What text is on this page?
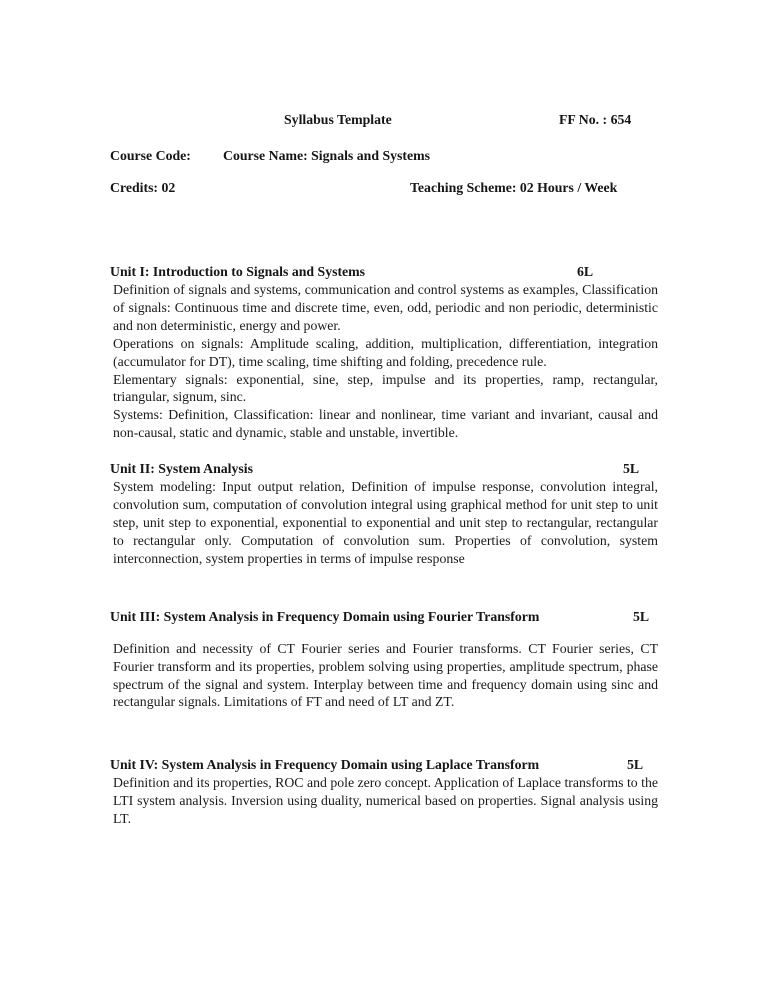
Syllabus Template	FF No. : 654
Course Code: Course Name: Signals and Systems
Credits: 02	Teaching Scheme: 02 Hours / Week
Unit I: Introduction to Signals and Systems	6L

Definition of signals and systems, communication and control systems as examples, Classification of signals: Continuous time and discrete time, even, odd, periodic and non periodic, deterministic and non deterministic, energy and power.

Operations on signals: Amplitude scaling, addition, multiplication, differentiation, integration (accumulator for DT), time scaling, time shifting and folding, precedence rule.

Elementary signals: exponential, sine, step, impulse and its properties, ramp, rectangular, triangular, signum, sinc.

Systems: Definition, Classification: linear and nonlinear, time variant and invariant, causal and non-causal, static and dynamic, stable and unstable, invertible.

Unit II: System Analysis	5L

System modeling: Input output relation, Definition of impulse response, convolution integral, convolution sum, computation of convolution integral using graphical method for unit step to unit step, unit step to exponential, exponential to exponential and unit step to rectangular, rectangular to rectangular only. Computation of convolution sum. Properties of convolution, system interconnection, system properties in terms of impulse response

Unit III: System Analysis in Frequency Domain using Fourier Transform	5L

Definition and necessity of CT Fourier series and Fourier transforms. CT Fourier series, CT Fourier transform and its properties, problem solving using properties, amplitude spectrum, phase spectrum of the signal and system. Interplay between time and frequency domain using sinc and rectangular signals. Limitations of FT and need of LT and ZT.

Unit IV: System Analysis in Frequency Domain using Laplace Transform	5L

Definition and its properties, ROC and pole zero concept. Application of Laplace transforms to the LTI system analysis. Inversion using duality, numerical based on properties. Signal analysis using LT.
